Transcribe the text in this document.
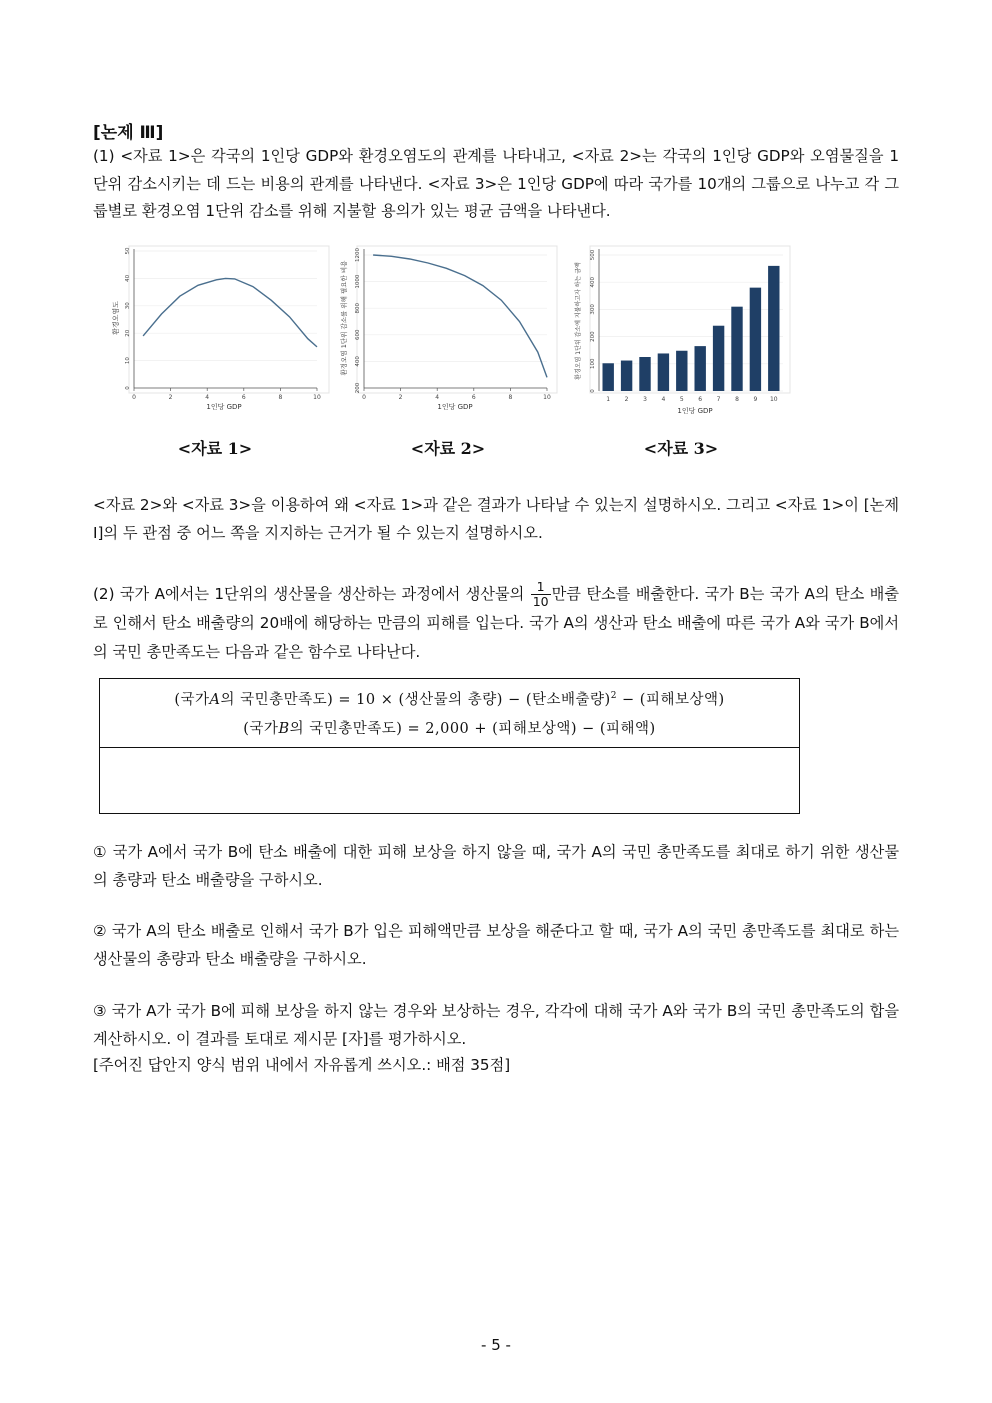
[논제 Ⅲ]
(1) <자료 1>은 각국의 1인당 GDP와 환경오염도의 관계를 나타내고, <자료 2>는 각국의 1인당 GDP와 오염물질을 1단위 감소시키는 데 드는 비용의 관계를 나타낸다. <자료 3>은 1인당 GDP에 따라 국가를 10개의 그룹으로 나누고 각 그룹별로 환경오염 1단위 감소를 위해 지불할 용의가 있는 평균 금액을 나타낸다.
0
10
20
30
40
50
0	2	4	6	8	10
1인당 GDP
환경오염도
200
400
600
800
1000
1200
0	2	4	6	8	10
1인당 GDP
환경오염 1단위 감소를 위해 필요한 비용
0
100
200
300
400
500
1 2 3 4 5 6 7 8 9 10
1인당 GDP
환경오염 1단위 감소에 지불하고자 하는 금액
<자료 1>	<자료 2>	<자료 3>
<자료 2>와 <자료 3>을 이용하여 왜 <자료 1>과 같은 결과가 나타날 수 있는지 설명하시오. 그리고 <자료 1>이 [논제 Ⅰ]의 두 관점 중 어느 쪽을 지지하는 근거가 될 수 있는지 설명하시오.
(2) 국가 A에서는 1단위의 생산물을 생산하는 과정에서 생산물의 $\frac{1}{10}$ 만큼 탄소를 배출한다. 국가 B는 국가 A의 탄소 배출로 인해서 탄소 배출량의 20배에 해당하는 만큼의 피해를 입는다. 국가 A의 생산과 탄소 배출에 따른 국가 A와 국가 B에서의 국민 총만족도는 다음과 같은 함수로 나타난다.
(국가A의 국민총만족도) = 10 × (생산물의 총량) − (탄소배출량)$^2$ − (피해보상액)
(국가B의 국민총만족도) = 2,000 + (피해보상액) − (피해액)
① 국가 A에서 국가 B에 탄소 배출에 대한 피해 보상을 하지 않을 때, 국가 A의 국민 총만족도를 최대로 하기 위한 생산물의 총량과 탄소 배출량을 구하시오.
② 국가 A의 탄소 배출로 인해서 국가 B가 입은 피해액만큼 보상을 해준다고 할 때, 국가 A의 국민 총만족도를 최대로 하는 생산물의 총량과 탄소 배출량을 구하시오.
③ 국가 A가 국가 B에 피해 보상을 하지 않는 경우와 보상하는 경우, 각각에 대해 국가 A와 국가 B의 국민 총만족도의 합을 계산하시오. 이 결과를 토대로 제시문 [자]를 평가하시오.
[주어진 답안지 양식 범위 내에서 자유롭게 쓰시오.: 배점 35점]
- 5 -
